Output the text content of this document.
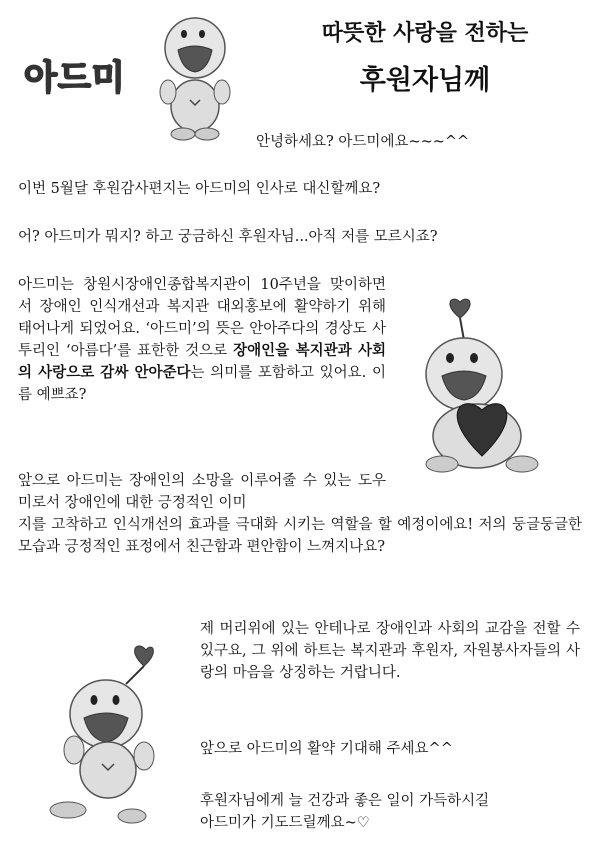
아드미
따뜻한 사랑을 전하는
후원자님께
안녕하세요? 아드미에요~~~^^
이번 5월달 후원감사편지는 아드미의 인사로 대신할께요?
어? 아드미가 뭐지? 하고 궁금하신 후원자님...아직 저를 모르시죠?
아드미는 창원시장애인종합복지관이 10주년을 맞이하면서 장애인 인식개선과 복지관 대외홍보에 활약하기 위해 태어나게 되었어요. ‘아드미’의 뜻은 안아주다의 경상도 사투리인 ‘아름다’를 표한한 것으로 장애인을 복지관과 사회의 사랑으로 감싸 안아준다는 의미를 포함하고 있어요. 이름 예쁘죠?
앞으로 아드미는 장애인의 소망을 이루어줄 수 있는 도우미로서 장애인에 대한 긍정적인 이미
지를 고착하고 인식개선의 효과를 극대화 시키는 역할을 할 예정이에요! 저의 둥글둥글한 모습과 긍정적인 표정에서 친근함과 편안함이 느껴지나요?
제 머리위에 있는 안테나로 장애인과 사회의 교감을 전할 수 있구요, 그 위에 하트는 복지관과 후원자, 자원봉사자들의 사랑의 마음을 상징하는 거랍니다.
앞으로 아드미의 활약 기대해 주세요^^
후원자님에게 늘 건강과 좋은 일이 가득하시길
아드미가 기도드릴께요~♡
